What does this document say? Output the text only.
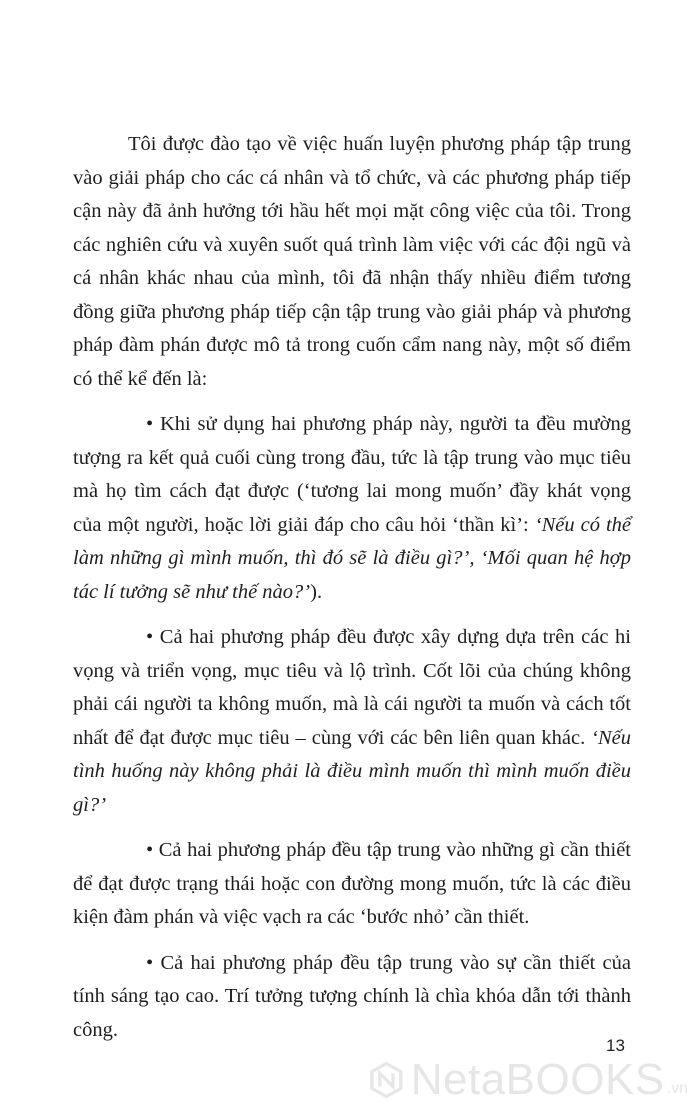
Tôi được đào tạo về việc huấn luyện phương pháp tập trung vào giải pháp cho các cá nhân và tổ chức, và các phương pháp tiếp cận này đã ảnh hưởng tới hầu hết mọi mặt công việc của tôi. Trong các nghiên cứu và xuyên suốt quá trình làm việc với các đội ngũ và cá nhân khác nhau của mình, tôi đã nhận thấy nhiều điểm tương đồng giữa phương pháp tiếp cận tập trung vào giải pháp và phương pháp đàm phán được mô tả trong cuốn cẩm nang này, một số điểm có thể kể đến là:

• Khi sử dụng hai phương pháp này, người ta đều mường tượng ra kết quả cuối cùng trong đầu, tức là tập trung vào mục tiêu mà họ tìm cách đạt được (‘tương lai mong muốn’ đầy khát vọng của một người, hoặc lời giải đáp cho câu hỏi ‘thần kì’: ‘Nếu có thể làm những gì mình muốn, thì đó sẽ là điều gì?’, ‘Mối quan hệ hợp tác lí tưởng sẽ như thế nào?’).

• Cả hai phương pháp đều được xây dựng dựa trên các hi vọng và triển vọng, mục tiêu và lộ trình. Cốt lõi của chúng không phải cái người ta không muốn, mà là cái người ta muốn và cách tốt nhất để đạt được mục tiêu – cùng với các bên liên quan khác. ‘Nếu tình huống này không phải là điều mình muốn thì mình muốn điều gì?’

• Cả hai phương pháp đều tập trung vào những gì cần thiết để đạt được trạng thái hoặc con đường mong muốn, tức là các điều kiện đàm phán và việc vạch ra các ‘bước nhỏ’ cần thiết.

• Cả hai phương pháp đều tập trung vào sự cần thiết của tính sáng tạo cao. Trí tưởng tượng chính là chìa khóa dẫn tới thành công.

13
NetaBOOKS .vn
